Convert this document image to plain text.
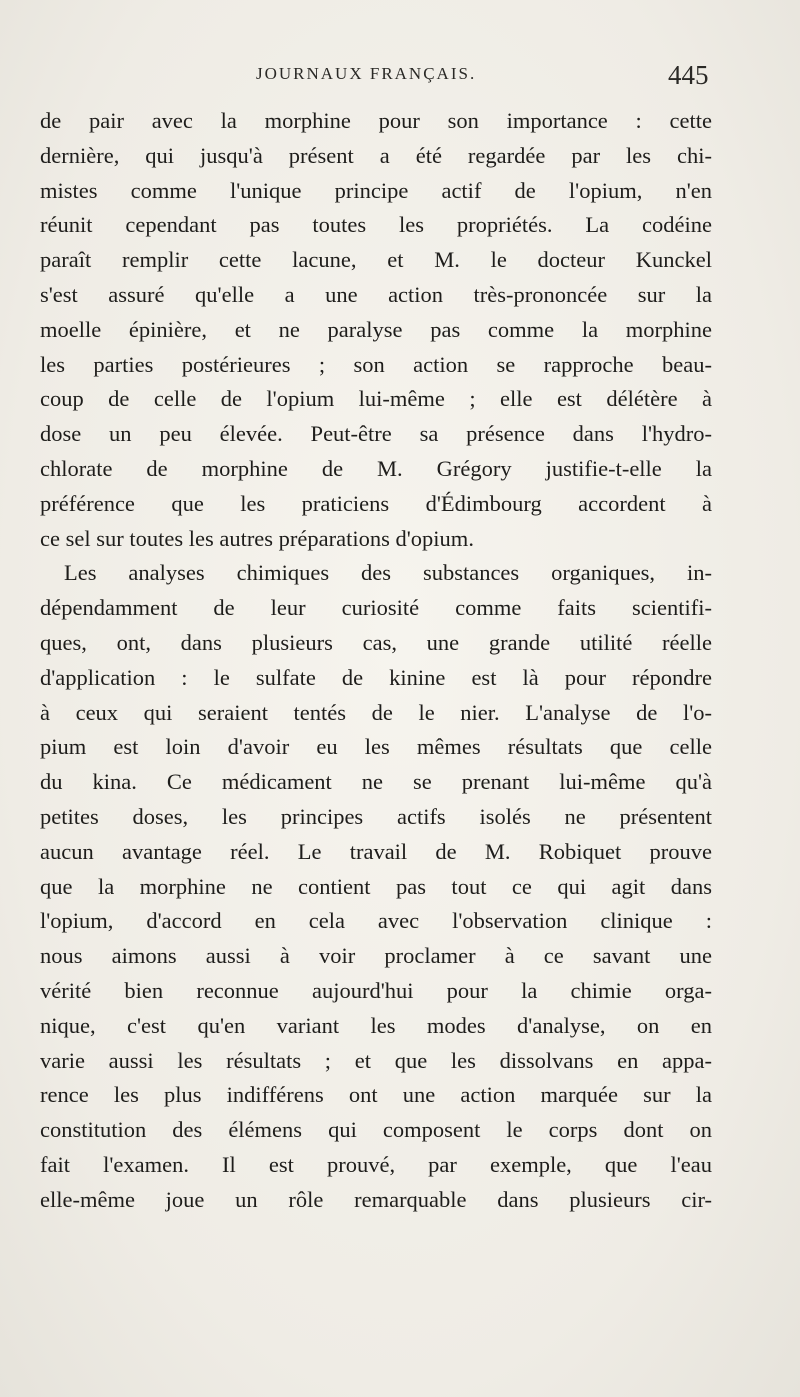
JOURNAUX FRANÇAIS.	445
de pair avec la morphine pour son importance : cette
dernière, qui jusqu'à présent a été regardée par les chi-
mistes comme l'unique principe actif de l'opium, n'en
réunit cependant pas toutes les propriétés. La codéine
paraît remplir cette lacune, et M. le docteur Kunckel
s'est assuré qu'elle a une action très-prononcée sur la
moelle épinière, et ne paralyse pas comme la morphine
les parties postérieures ; son action se rapproche beau-
coup de celle de l'opium lui-même ; elle est délétère à
dose un peu élevée. Peut-être sa présence dans l'hydro-
chlorate de morphine de M. Grégory justifie-t-elle la
préférence que les praticiens d'Édimbourg accordent à
ce sel sur toutes les autres préparations d'opium.
Les analyses chimiques des substances organiques, in-
dépendamment de leur curiosité comme faits scientifi-
ques, ont, dans plusieurs cas, une grande utilité réelle
d'application : le sulfate de kinine est là pour répondre
à ceux qui seraient tentés de le nier. L'analyse de l'o-
pium est loin d'avoir eu les mêmes résultats que celle
du kina. Ce médicament ne se prenant lui-même qu'à
petites doses, les principes actifs isolés ne présentent
aucun avantage réel. Le travail de M. Robiquet prouve
que la morphine ne contient pas tout ce qui agit dans
l'opium, d'accord en cela avec l'observation clinique :
nous aimons aussi à voir proclamer à ce savant une
vérité bien reconnue aujourd'hui pour la chimie orga-
nique, c'est qu'en variant les modes d'analyse, on en
varie aussi les résultats ; et que les dissolvans en appa-
rence les plus indifférens ont une action marquée sur la
constitution des élémens qui composent le corps dont on
fait l'examen. Il est prouvé, par exemple, que l'eau
elle-même joue un rôle remarquable dans plusieurs cir-
